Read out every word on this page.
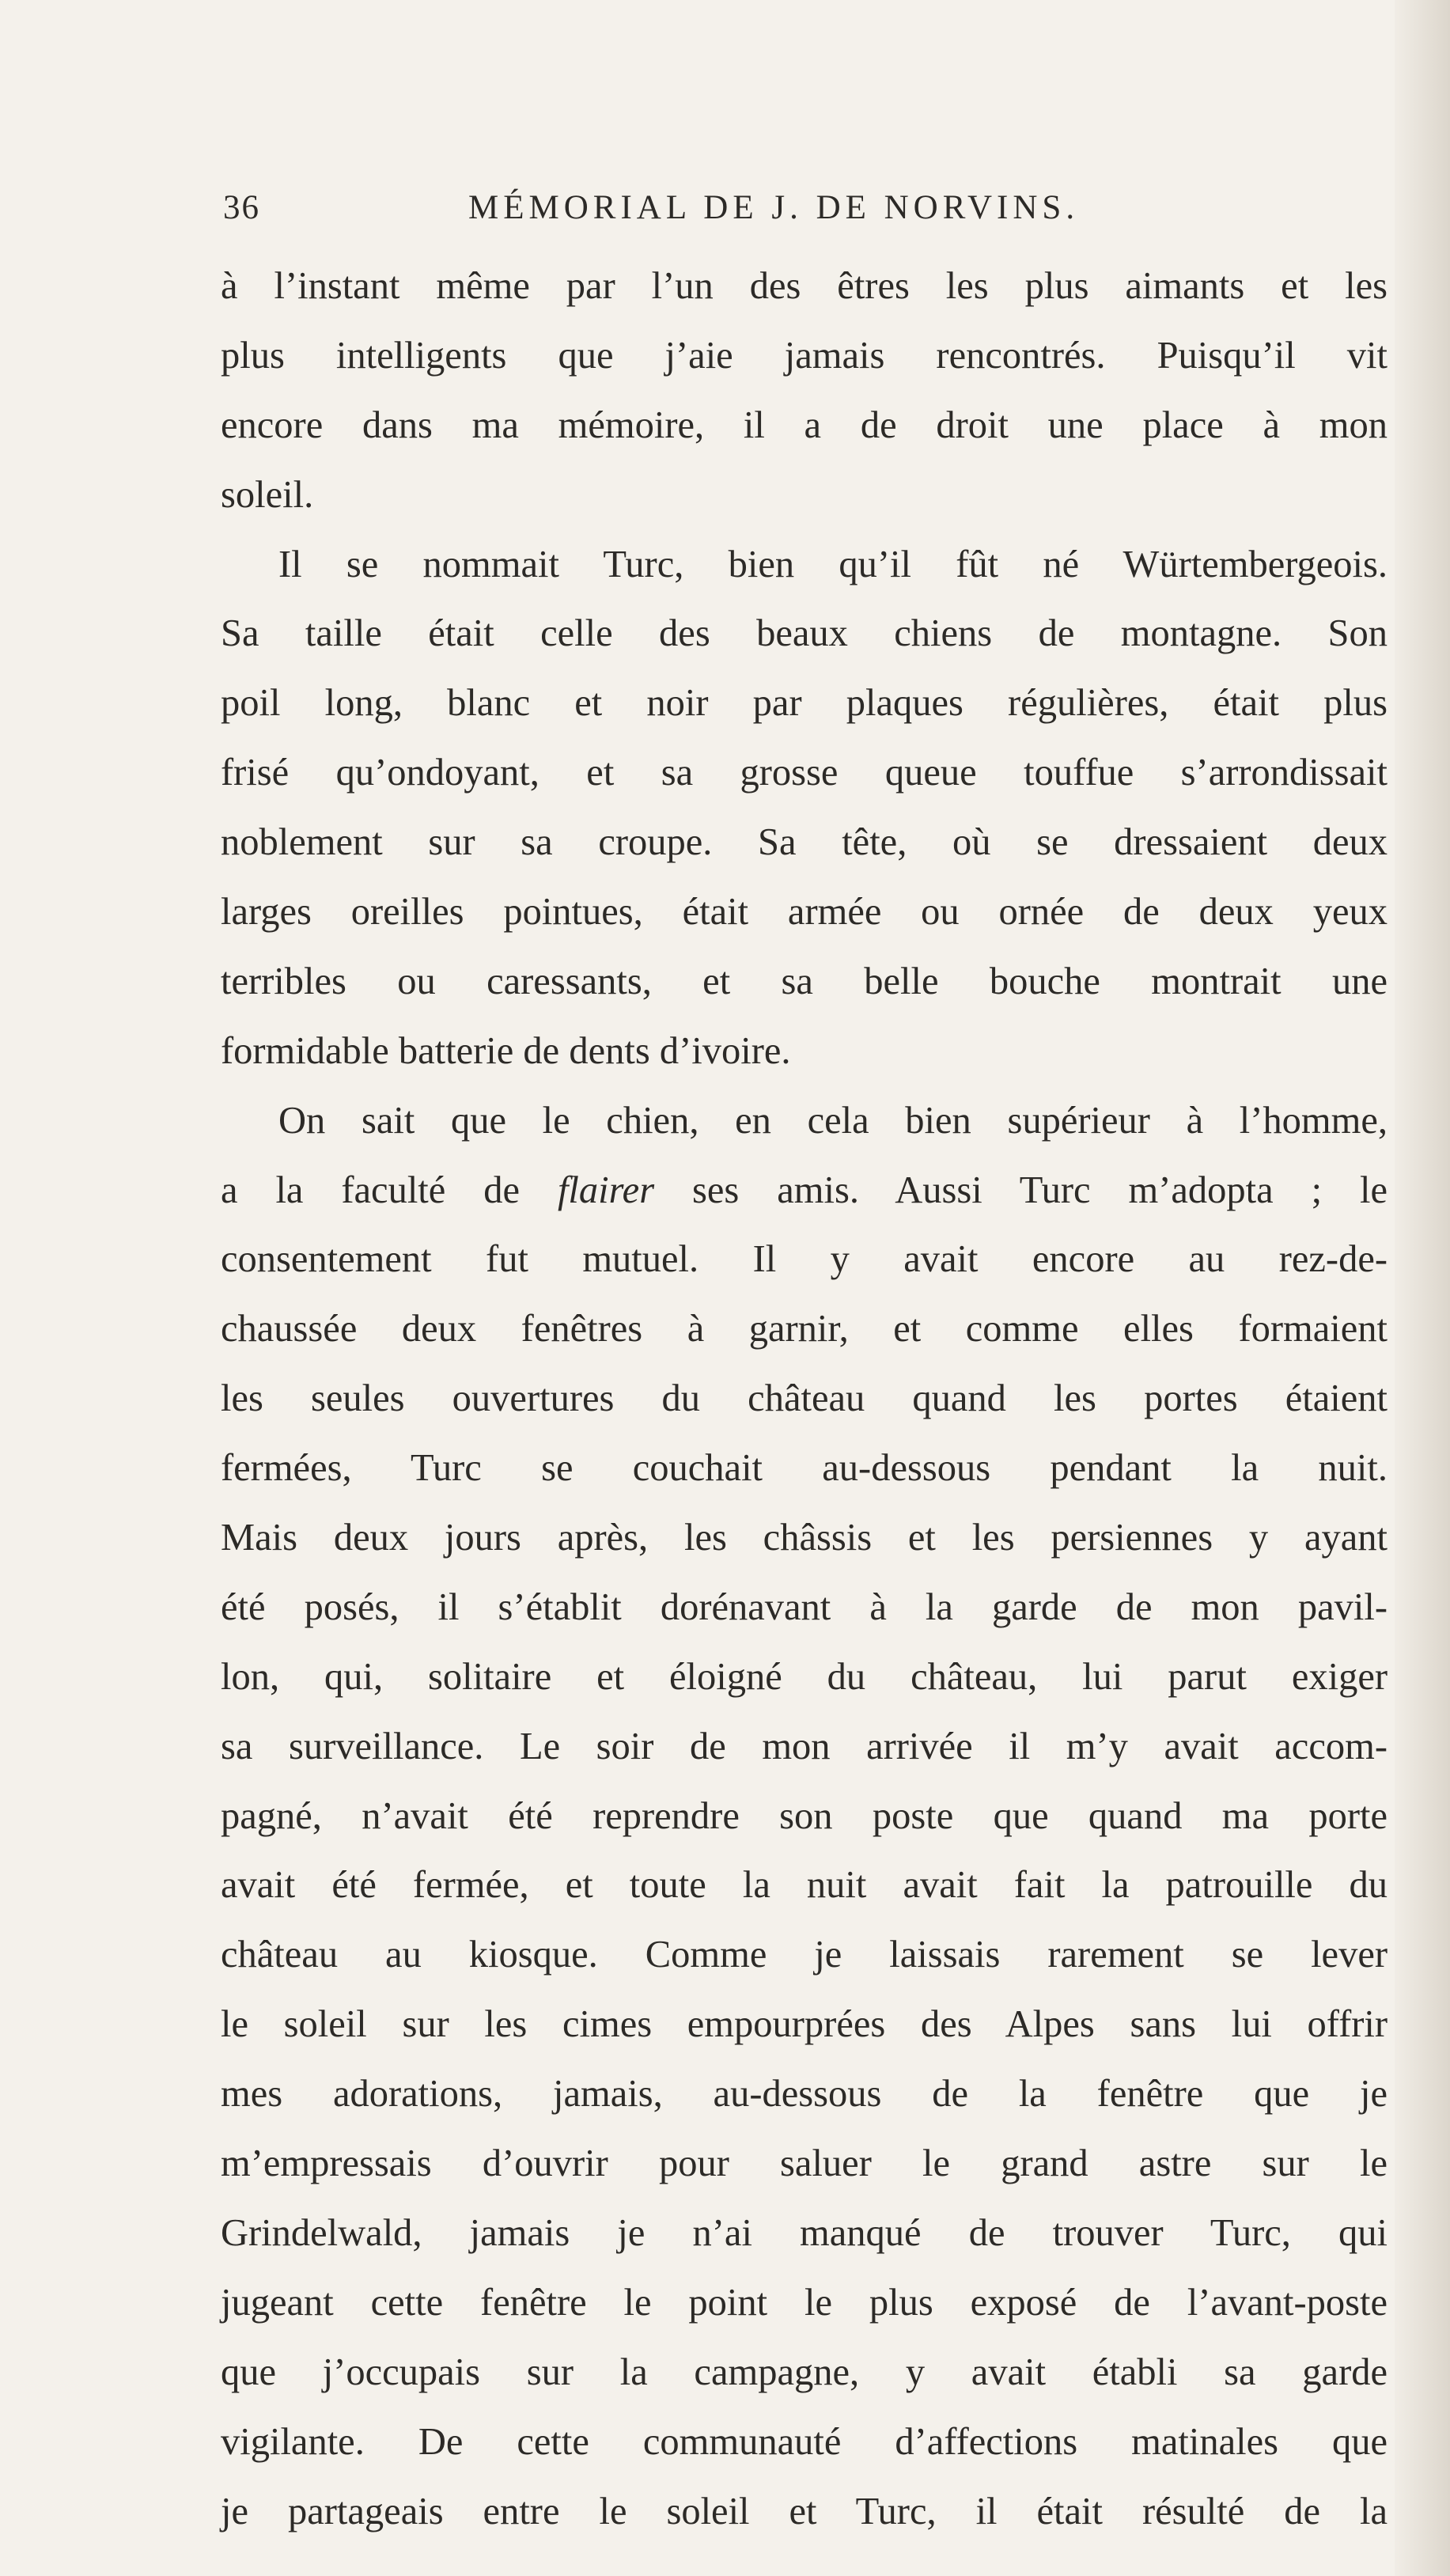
36	MÉMORIAL DE J. DE NORVINS.
à l’instant même par l’un des êtres les plus aimants et les
plus intelligents que j’aie jamais rencontrés. Puisqu’il vit
encore dans ma mémoire, il a de droit une place à mon
soleil.
Il se nommait Turc, bien qu’il fût né Würtembergeois.
Sa taille était celle des beaux chiens de montagne. Son
poil long, blanc et noir par plaques régulières, était plus
frisé qu’ondoyant, et sa grosse queue touffue s’arrondissait
noblement sur sa croupe. Sa tête, où se dressaient deux
larges oreilles pointues, était armée ou ornée de deux yeux
terribles ou caressants, et sa belle bouche montrait une
formidable batterie de dents d’ivoire.
On sait que le chien, en cela bien supérieur à l’homme,
a la faculté de flairer ses amis. Aussi Turc m’adopta ; le
consentement fut mutuel. Il y avait encore au rez-de-
chaussée deux fenêtres à garnir, et comme elles formaient
les seules ouvertures du château quand les portes étaient
fermées, Turc se couchait au-dessous pendant la nuit.
Mais deux jours après, les châssis et les persiennes y ayant
été posés, il s’établit dorénavant à la garde de mon pavil-
lon, qui, solitaire et éloigné du château, lui parut exiger
sa surveillance. Le soir de mon arrivée il m’y avait accom-
pagné, n’avait été reprendre son poste que quand ma porte
avait été fermée, et toute la nuit avait fait la patrouille du
château au kiosque. Comme je laissais rarement se lever
le soleil sur les cimes empourprées des Alpes sans lui offrir
mes adorations, jamais, au-dessous de la fenêtre que je
m’empressais d’ouvrir pour saluer le grand astre sur le
Grindelwald, jamais je n’ai manqué de trouver Turc, qui
jugeant cette fenêtre le point le plus exposé de l’avant-poste
que j’occupais sur la campagne, y avait établi sa garde
vigilante. De cette communauté d’affections matinales que
je partageais entre le soleil et Turc, il était résulté de la
